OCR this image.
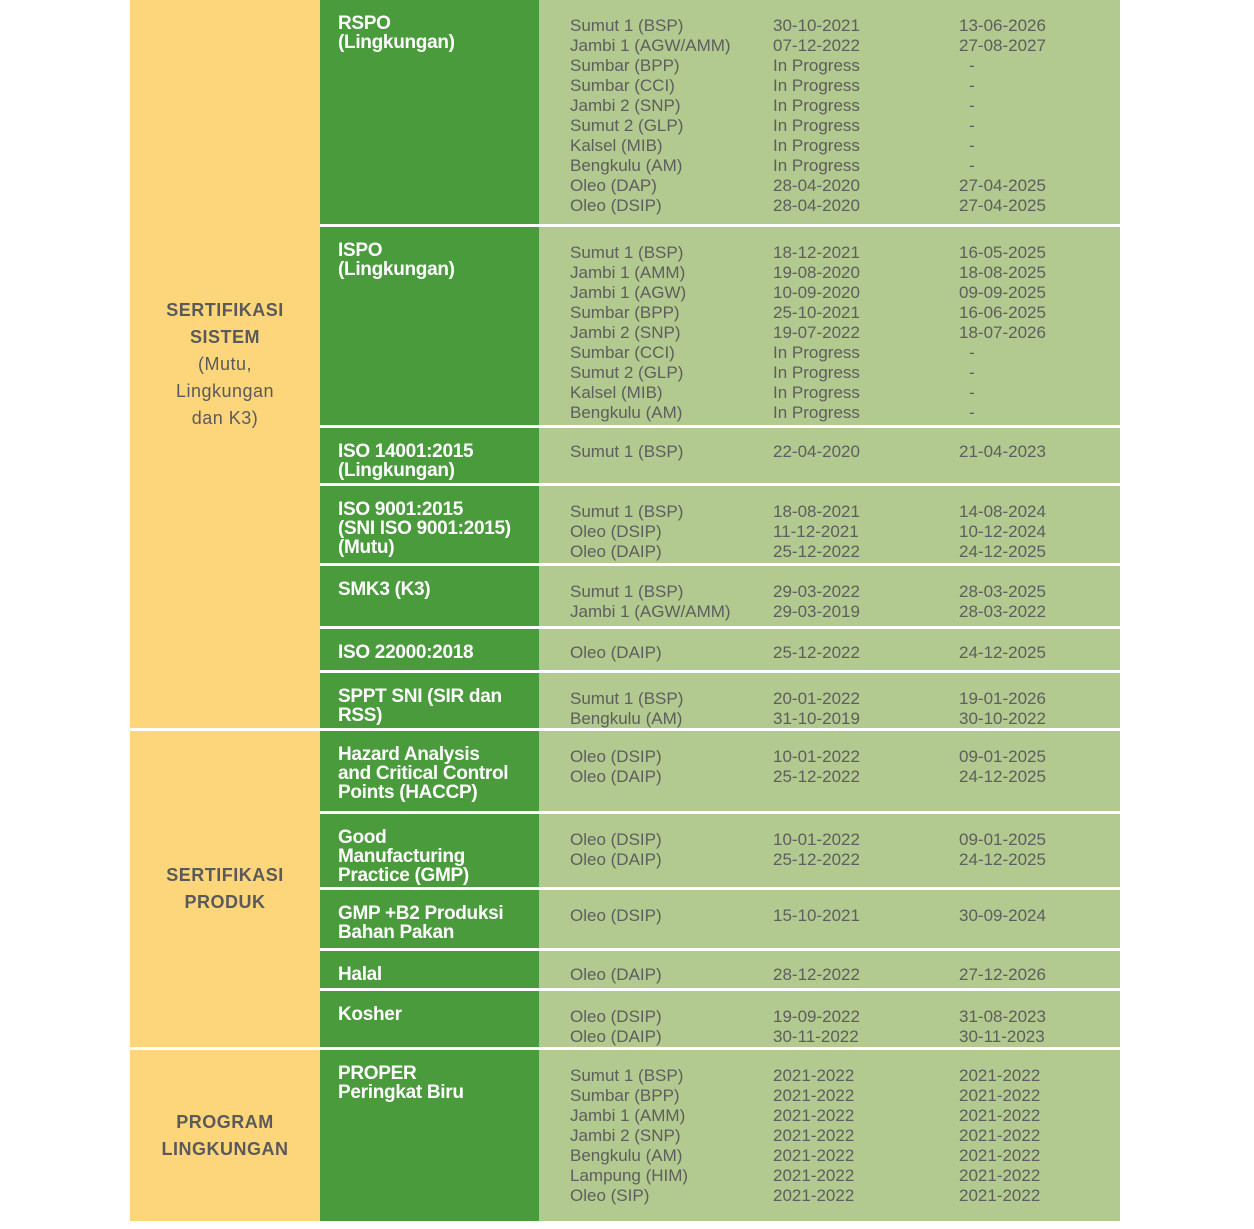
SERTIFIKASI
SISTEM
(Mutu,
Lingkungan
dan K3)
RSPO
(Lingkungan)
Sumut 1 (BSP)	30-10-2021	13-06-2026
Jambi 1 (AGW/AMM)	07-12-2022	27-08-2027
Sumbar (BPP)	In Progress	-
Sumbar (CCI)	In Progress	-
Jambi 2 (SNP)	In Progress	-
Sumut 2 (GLP)	In Progress	-
Kalsel (MIB)	In Progress	-
Bengkulu (AM)	In Progress	-
Oleo (DAP)	28-04-2020	27-04-2025
Oleo (DSIP)	28-04-2020	27-04-2025
ISPO
(Lingkungan)
Sumut 1 (BSP)	18-12-2021	16-05-2025
Jambi 1 (AMM)	19-08-2020	18-08-2025
Jambi 1 (AGW)	10-09-2020	09-09-2025
Sumbar (BPP)	25-10-2021	16-06-2025
Jambi 2 (SNP)	19-07-2022	18-07-2026
Sumbar (CCI)	In Progress	-
Sumut 2 (GLP)	In Progress	-
Kalsel (MIB)	In Progress	-
Bengkulu (AM)	In Progress	-
ISO 14001:2015
(Lingkungan)
Sumut 1 (BSP)	22-04-2020	21-04-2023
ISO 9001:2015
(SNI ISO 9001:2015)
(Mutu)
Sumut 1 (BSP)	18-08-2021	14-08-2024
Oleo (DSIP)	11-12-2021	10-12-2024
Oleo (DAIP)	25-12-2022	24-12-2025
SMK3 (K3)	Sumut 1 (BSP)	29-03-2022	28-03-2025
Jambi 1 (AGW/AMM)	29-03-2019	28-03-2022
ISO 22000:2018	Oleo (DAIP)	25-12-2022	24-12-2025
SPPT SNI (SIR dan
RSS)
Sumut 1 (BSP)	20-01-2022	19-01-2026
Bengkulu (AM)	31-10-2019	30-10-2022
SERTIFIKASI
PRODUK
Hazard Analysis
and Critical Control
Points (HACCP)
Oleo (DSIP)	10-01-2022	09-01-2025
Oleo (DAIP)	25-12-2022	24-12-2025
Good
Manufacturing
Practice (GMP)
Oleo (DSIP)	10-01-2022	09-01-2025
Oleo (DAIP)	25-12-2022	24-12-2025
GMP +B2 Produksi
Bahan Pakan
Oleo (DSIP)	15-10-2021	30-09-2024
Halal	Oleo (DAIP)	28-12-2022	27-12-2026
Kosher	Oleo (DSIP)	19-09-2022	31-08-2023
Oleo (DAIP)	30-11-2022	30-11-2023
PROGRAM
LINGKUNGAN
PROPER
Peringkat Biru
Sumut 1 (BSP)	2021-2022	2021-2022
Sumbar (BPP)	2021-2022	2021-2022
Jambi 1 (AMM)	2021-2022	2021-2022
Jambi 2 (SNP)	2021-2022	2021-2022
Bengkulu (AM)	2021-2022	2021-2022
Lampung (HIM)	2021-2022	2021-2022
Oleo (SIP)	2021-2022	2021-2022
